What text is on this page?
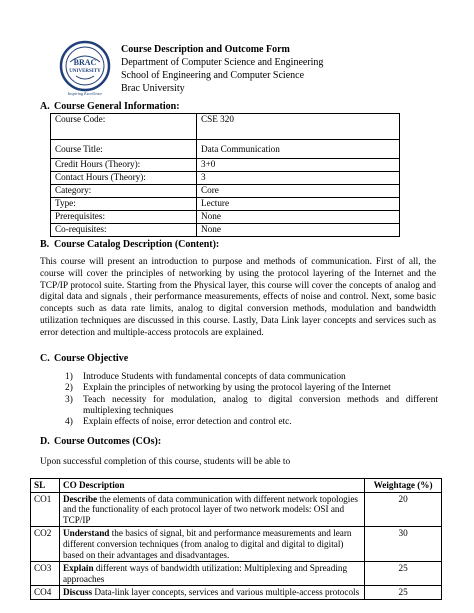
BRAC
UNIVERSITY
Inspiring Excellence
Course Description and Outcome Form
Department of Computer Science and Engineering
School of Engineering and Computer Science
Brac University
A. Course General Information:
Course Code:	CSE 320
Course Title:	Data Communication
Credit Hours (Theory):	3+0
Contact Hours (Theory):	3
Category:	Core
Type:	Lecture
Prerequisites:	None
Co-requisites:	None
B. Course Catalog Description (Content):
This course will present an introduction to purpose and methods of communication. First of all, the course will cover the principles of networking by using the protocol layering of the Internet and the TCP/IP protocol suite. Starting from the Physical layer, this course will cover the concepts of analog and digital data and signals , their performance measurements, effects of noise and control. Next, some basic concepts such as data rate limits, analog to digital conversion methods, modulation and bandwidth utilization techniques are discussed in this course. Lastly, Data Link layer concepts and services such as error detection and multiple-access protocols are explained.
C. Course Objective
1) Introduce Students with fundamental concepts of data communication
2) Explain the principles of networking by using the protocol layering of the Internet
3) Teach necessity for modulation, analog to digital conversion methods and different multiplexing techniques
4) Explain effects of noise, error detection and control etc.
D. Course Outcomes (COs):
Upon successful completion of this course, students will be able to
SL	CO Description	Weightage (%)
CO1	Describe the elements of data communication with different network topologies and the functionality of each protocol layer of two network models: OSI and TCP/IP	20
CO2	Understand the basics of signal, bit and performance measurements and learn different conversion techniques (from analog to digital and digital to digital) based on their advantages and disadvantages.	30
CO3	Explain different ways of bandwidth utilization: Multiplexing and Spreading approaches	25
CO4	Discuss Data-link layer concepts, services and various multiple-access protocols	25
